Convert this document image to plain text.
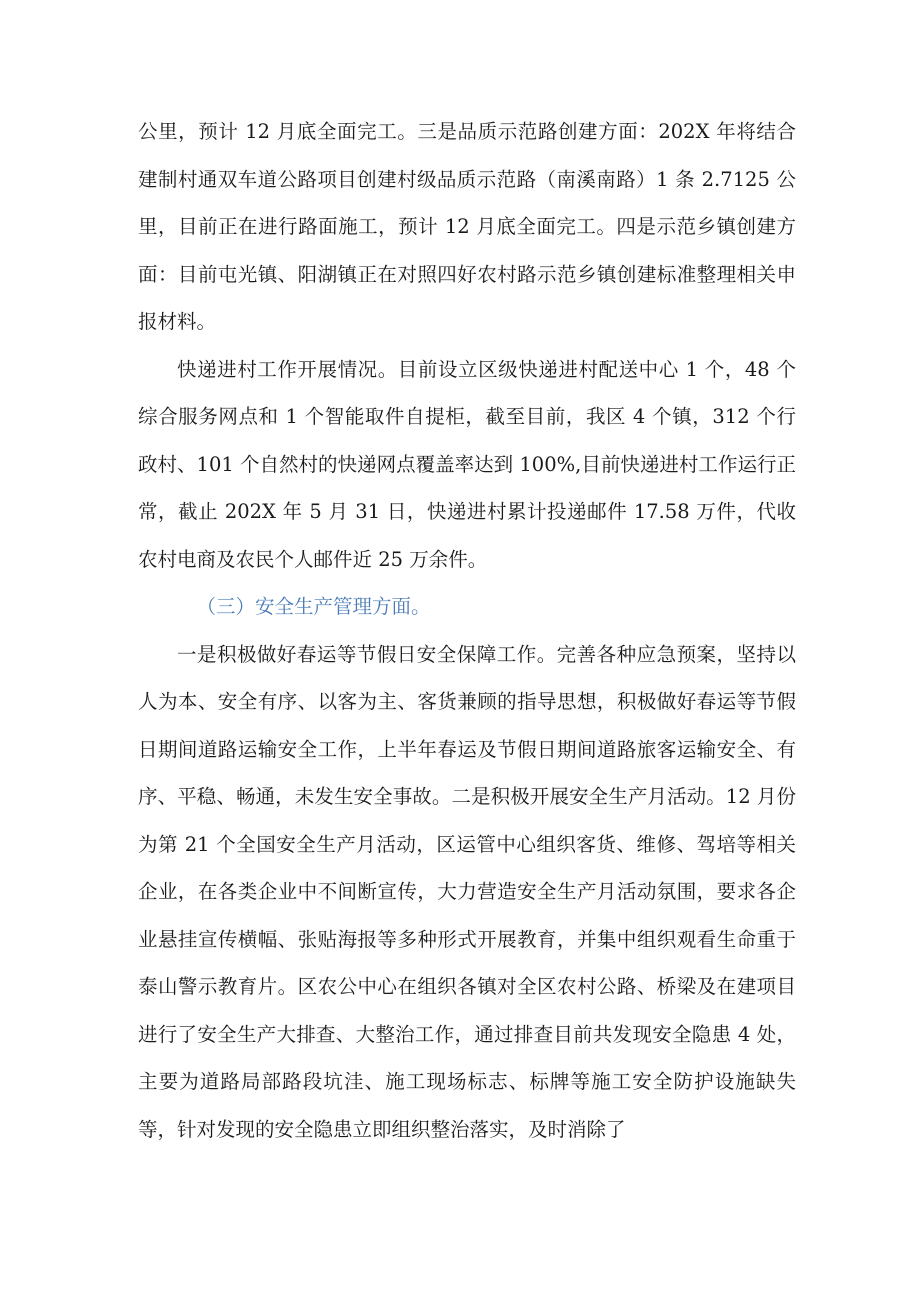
公里，预计 12 月底全面完工。三是品质示范路创建方面：202X 年将结合建制村通双车道公路项目创建村级品质示范路（南溪南路）1 条 2.7125 公里，目前正在进行路面施工，预计 12 月底全面完工。四是示范乡镇创建方面：目前屯光镇、阳湖镇正在对照四好农村路示范乡镇创建标准整理相关申报材料。

快递进村工作开展情况。目前设立区级快递进村配送中心 1 个，48 个综合服务网点和 1 个智能取件自提柜，截至目前，我区 4 个镇，312 个行政村、101 个自然村的快递网点覆盖率达到 100%,目前快递进村工作运行正常，截止 202X 年 5 月 31 日，快递进村累计投递邮件 17.58 万件，代收农村电商及农民个人邮件近 25 万余件。

（三）安全生产管理方面。

一是积极做好春运等节假日安全保障工作。完善各种应急预案，坚持以人为本、安全有序、以客为主、客货兼顾的指导思想，积极做好春运等节假日期间道路运输安全工作，上半年春运及节假日期间道路旅客运输安全、有序、平稳、畅通，未发生安全事故。二是积极开展安全生产月活动。12 月份为第 21 个全国安全生产月活动，区运管中心组织客货、维修、驾培等相关企业，在各类企业中不间断宣传，大力营造安全生产月活动氛围，要求各企业悬挂宣传横幅、张贴海报等多种形式开展教育，并集中组织观看生命重于泰山警示教育片。区农公中心在组织各镇对全区农村公路、桥梁及在建项目进行了安全生产大排查、大整治工作，通过排查目前共发现安全隐患 4 处，主要为道路局部路段坑洼、施工现场标志、标牌等施工安全防护设施缺失等，针对发现的安全隐患立即组织整治落实，及时消除了
